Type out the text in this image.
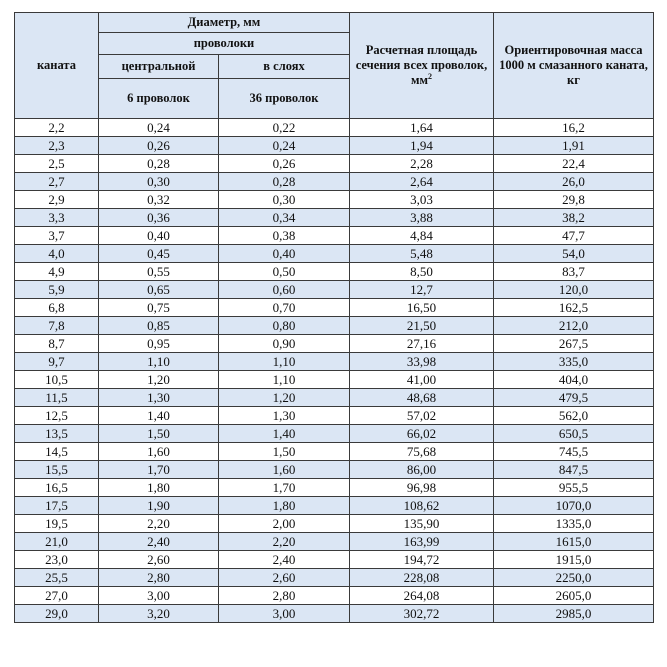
каната	Диаметр, мм		Расчетная площадь сечения всех проволок, $мм^2$	Ориентировочная масса 1000 м смазанного каната, кг
	проволоки			
	центральной	в слоях		
	6 проволок	36 проволок		
2,2	0,24	0,22	1,64	16,2
2,3	0,26	0,24	1,94	1,91
2,5	0,28	0,26	2,28	22,4
2,7	0,30	0,28	2,64	26,0
2,9	0,32	0,30	3,03	29,8
3,3	0,36	0,34	3,88	38,2
3,7	0,40	0,38	4,84	47,7
4,0	0,45	0,40	5,48	54,0
4,9	0,55	0,50	8,50	83,7
5,9	0,65	0,60	12,7	120,0
6,8	0,75	0,70	16,50	162,5
7,8	0,85	0,80	21,50	212,0
8,7	0,95	0,90	27,16	267,5
9,7	1,10	1,10	33,98	335,0
10,5	1,20	1,10	41,00	404,0
11,5	1,30	1,20	48,68	479,5
12,5	1,40	1,30	57,02	562,0
13,5	1,50	1,40	66,02	650,5
14,5	1,60	1,50	75,68	745,5
15,5	1,70	1,60	86,00	847,5
16,5	1,80	1,70	96,98	955,5
17,5	1,90	1,80	108,62	1070,0
19,5	2,20	2,00	135,90	1335,0
21,0	2,40	2,20	163,99	1615,0
23,0	2,60	2,40	194,72	1915,0
25,5	2,80	2,60	228,08	2250,0
27,0	3,00	2,80	264,08	2605,0
29,0	3,20	3,00	302,72	2985,0
